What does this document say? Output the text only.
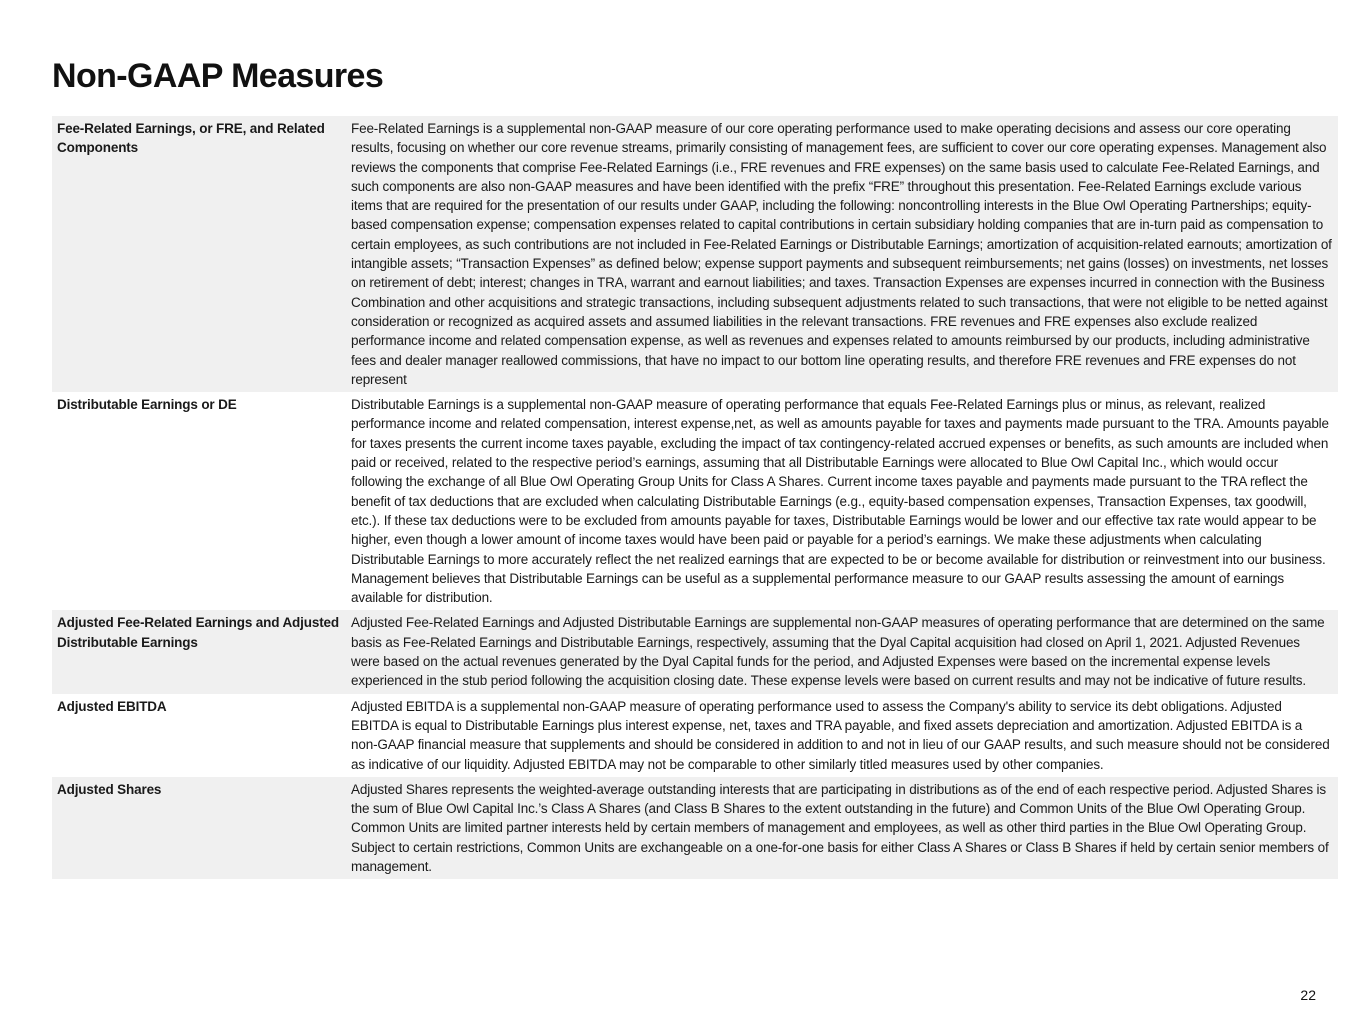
Non-GAAP Measures
Fee-Related Earnings, or FRE, and Related Components	Fee-Related Earnings is a supplemental non-GAAP measure of our core operating performance used to make operating decisions and assess our core operating results, focusing on whether our core revenue streams, primarily consisting of management fees, are sufficient to cover our core operating expenses. Management also reviews the components that comprise Fee-Related Earnings (i.e., FRE revenues and FRE expenses) on the same basis used to calculate Fee-Related Earnings, and such components are also non-GAAP measures and have been identified with the prefix “FRE” throughout this presentation. Fee-Related Earnings exclude various items that are required for the presentation of our results under GAAP, including the following: noncontrolling interests in the Blue Owl Operating Partnerships; equity-based compensation expense; compensation expenses related to capital contributions in certain subsidiary holding companies that are in-turn paid as compensation to certain employees, as such contributions are not included in Fee-Related Earnings or Distributable Earnings; amortization of acquisition-related earnouts; amortization of intangible assets; “Transaction Expenses” as defined below; expense support payments and subsequent reimbursements; net gains (losses) on investments, net losses on retirement of debt; interest; changes in TRA, warrant and earnout liabilities; and taxes. Transaction Expenses are expenses incurred in connection with the Business Combination and other acquisitions and strategic transactions, including subsequent adjustments related to such transactions, that were not eligible to be netted against consideration or recognized as acquired assets and assumed liabilities in the relevant transactions. FRE revenues and FRE expenses also exclude realized performance income and related compensation expense, as well as revenues and expenses related to amounts reimbursed by our products, including administrative fees and dealer manager reallowed commissions, that have no impact to our bottom line operating results, and therefore FRE revenues and FRE expenses do not represent
Distributable Earnings or DE	Distributable Earnings is a supplemental non-GAAP measure of operating performance that equals Fee-Related Earnings plus or minus, as relevant, realized performance income and related compensation, interest expense,net, as well as amounts payable for taxes and payments made pursuant to the TRA. Amounts payable for taxes presents the current income taxes payable, excluding the impact of tax contingency-related accrued expenses or benefits, as such amounts are included when paid or received, related to the respective period’s earnings, assuming that all Distributable Earnings were allocated to Blue Owl Capital Inc., which would occur following the exchange of all Blue Owl Operating Group Units for Class A Shares. Current income taxes payable and payments made pursuant to the TRA reflect the benefit of tax deductions that are excluded when calculating Distributable Earnings (e.g., equity-based compensation expenses, Transaction Expenses, tax goodwill, etc.). If these tax deductions were to be excluded from amounts payable for taxes, Distributable Earnings would be lower and our effective tax rate would appear to be higher, even though a lower amount of income taxes would have been paid or payable for a period’s earnings. We make these adjustments when calculating Distributable Earnings to more accurately reflect the net realized earnings that are expected to be or become available for distribution or reinvestment into our business. Management believes that Distributable Earnings can be useful as a supplemental performance measure to our GAAP results assessing the amount of earnings available for distribution.
Adjusted Fee-Related Earnings and Adjusted Distributable Earnings	Adjusted Fee-Related Earnings and Adjusted Distributable Earnings are supplemental non-GAAP measures of operating performance that are determined on the same basis as Fee-Related Earnings and Distributable Earnings, respectively, assuming that the Dyal Capital acquisition had closed on April 1, 2021. Adjusted Revenues were based on the actual revenues generated by the Dyal Capital funds for the period, and Adjusted Expenses were based on the incremental expense levels experienced in the stub period following the acquisition closing date. These expense levels were based on current results and may not be indicative of future results.
Adjusted EBITDA	Adjusted EBITDA is a supplemental non-GAAP measure of operating performance used to assess the Company's ability to service its debt obligations. Adjusted EBITDA is equal to Distributable Earnings plus interest expense, net, taxes and TRA payable, and fixed assets depreciation and amortization. Adjusted EBITDA is a non-GAAP financial measure that supplements and should be considered in addition to and not in lieu of our GAAP results, and such measure should not be considered as indicative of our liquidity. Adjusted EBITDA may not be comparable to other similarly titled measures used by other companies.
Adjusted Shares	Adjusted Shares represents the weighted-average outstanding interests that are participating in distributions as of the end of each respective period. Adjusted Shares is the sum of Blue Owl Capital Inc.’s Class A Shares (and Class B Shares to the extent outstanding in the future) and Common Units of the Blue Owl Operating Group. Common Units are limited partner interests held by certain members of management and employees, as well as other third parties in the Blue Owl Operating Group. Subject to certain restrictions, Common Units are exchangeable on a one-for-one basis for either Class A Shares or Class B Shares if held by certain senior members of management.
22
